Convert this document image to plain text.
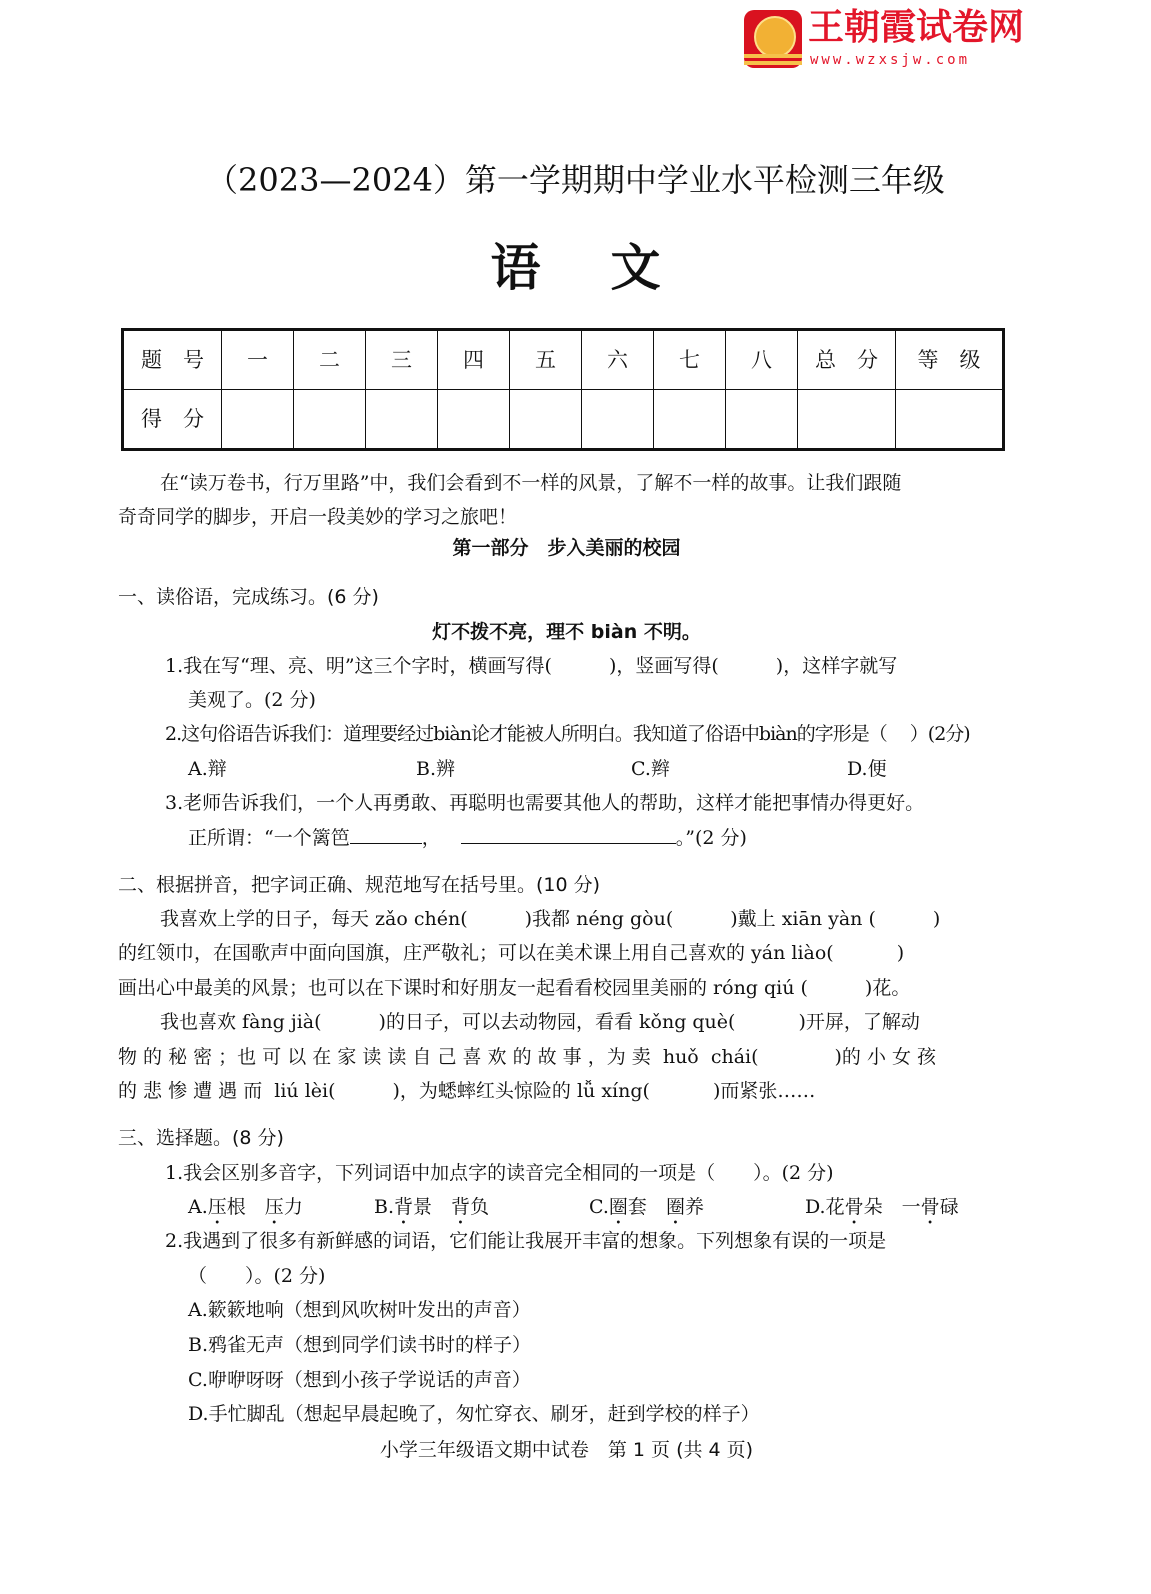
王朝霞试卷网
www.wzxsjw.com
（2023—2024）第一学期期中学业水平检测三年级
语文
题　号	一	二	三	四	五	六	七	八	总　分	等　级
得　分										
在“读万卷书，行万里路”中，我们会看到不一样的风景，了解不一样的故事。让我们跟随
奇奇同学的脚步，开启一段美妙的学习之旅吧！
第一部分　步入美丽的校园
一、读俗语，完成练习。(6 分)
灯不拨不亮，理不 biàn 不明。
1.我在写“理、亮、明”这三个字时，横画写得(　　　)，竖画写得(　　　)，这样字就写
美观了。(2 分)
2.这句俗语告诉我们：道理要经过biàn论才能被人所明白。我知道了俗语中biàn的字形是（　 ）(2分)
A.辩	B.辨	C.辫	D.便
3.老师告诉我们，一个人再勇敢、再聪明也需要其他人的帮助，这样才能把事情办得更好。
正所谓：“一个篱笆	，	。”(2 分)
二、根据拼音，把字词正确、规范地写在括号里。(10 分)
我喜欢上学的日子，每天 zǎo chén(　　　)我都 néng gòu(　　　)戴上 xiān yàn (　　　)
的红领巾，在国歌声中面向国旗，庄严敬礼；可以在美术课上用自己喜欢的 yán liào(　　　 )
画出心中最美的风景；也可以在下课时和好朋友一起看看校园里美丽的 róng qiú (　　　)花。
我也喜欢 fàng jià(　　　)的日子，可以去动物园，看看 kǒng què(　　　 )开屏，了解动
物 的 秘 密 ；也 可 以 在 家 读 读 自 己 喜 欢 的 故 事 ，为 卖  huǒ  chái(　　　　)的 小 女 孩
的 悲 惨 遭 遇 而  liú lèi(　　　)，为蟋蟀红头惊险的 lǚ xíng(　　　 )而紧张……
三、选择题。(8 分)
1.我会区别多音字，下列词语中加点字的读音完全相同的一项是（　　）。(2 分)
A.压根　压力	B.背景　背负	C.圈套　圈养	D.花骨朵　一骨碌
2.我遇到了很多有新鲜感的词语，它们能让我展开丰富的想象。下列想象有误的一项是
（　　）。(2 分)
A.簌簌地响（想到风吹树叶发出的声音）
B.鸦雀无声（想到同学们读书时的样子）
C.咿咿呀呀（想到小孩子学说话的声音）
D.手忙脚乱（想起早晨起晚了，匆忙穿衣、刷牙，赶到学校的样子）
小学三年级语文期中试卷　第 1 页 (共 4 页)
